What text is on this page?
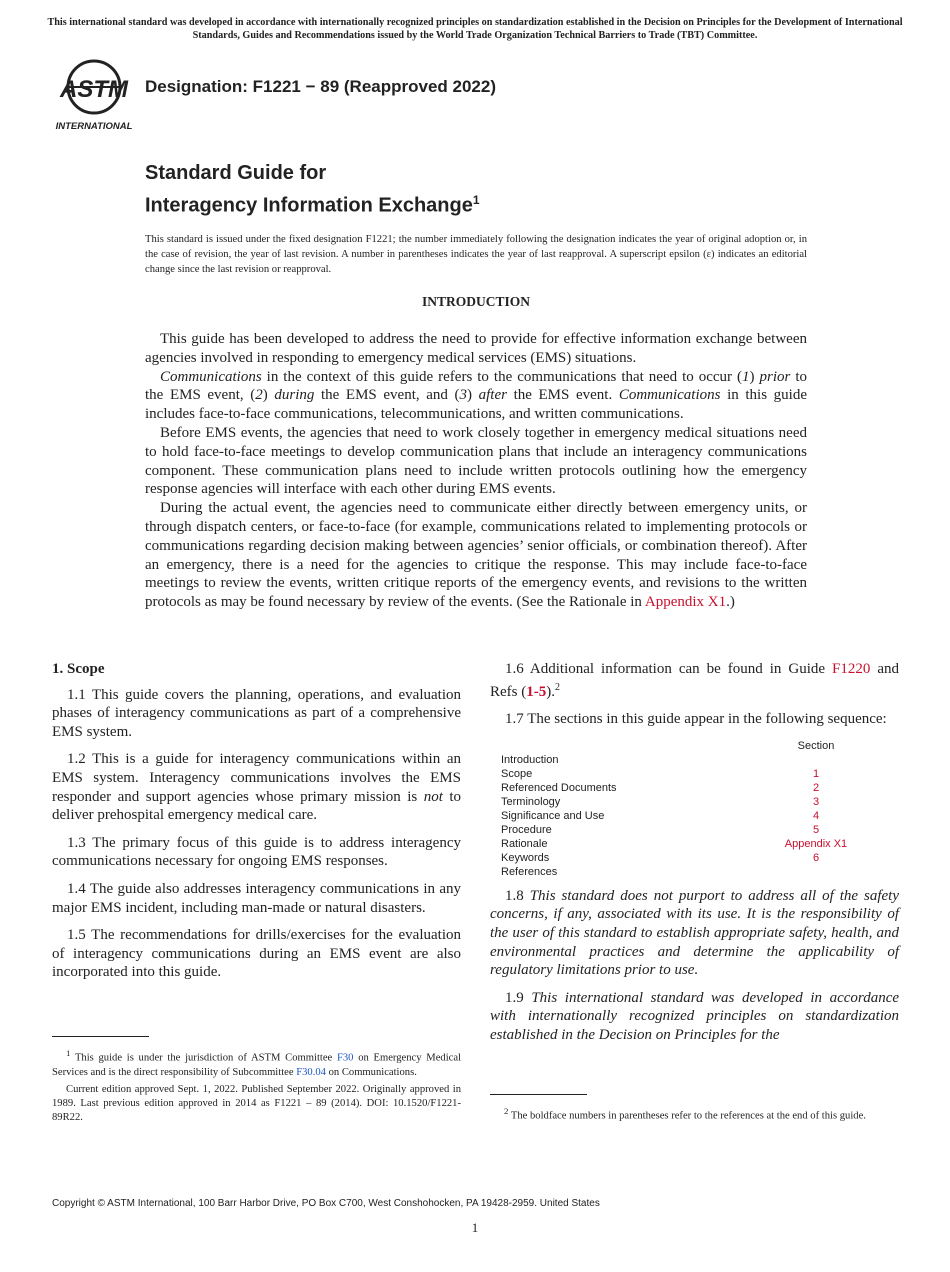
This international standard was developed in accordance with internationally recognized principles on standardization established in the Decision on Principles for the Development of International Standards, Guides and Recommendations issued by the World Trade Organization Technical Barriers to Trade (TBT) Committee.
ASTM
INTERNATIONAL
Designation: F1221 − 89 (Reapproved 2022)
Standard Guide for
Interagency Information Exchange$^1$
This standard is issued under the fixed designation F1221; the number immediately following the designation indicates the year of original adoption or, in the case of revision, the year of last revision. A number in parentheses indicates the year of last reapproval. A superscript epsilon (ε) indicates an editorial change since the last revision or reapproval.
INTRODUCTION

This guide has been developed to address the need to provide for effective information exchange between agencies involved in responding to emergency medical services (EMS) situations.

Communications in the context of this guide refers to the communications that need to occur (1) prior to the EMS event, (2) during the EMS event, and (3) after the EMS event. Communications in this guide includes face-to-face communications, telecommunications, and written communications.

Before EMS events, the agencies that need to work closely together in emergency medical situations need to hold face-to-face meetings to develop communication plans that include an interagency communications component. These communication plans need to include written protocols outlining how the emergency response agencies will interface with each other during EMS events.

During the actual event, the agencies need to communicate either directly between emergency units, or through dispatch centers, or face-to-face (for example, communications related to implementing protocols or communications regarding decision making between agencies’ senior officials, or combination thereof). After an emergency, there is a need for the agencies to critique the response. This may include face-to-face meetings to review the events, written critique reports of the emergency events, and revisions to the written protocols as may be found necessary by review of the events. (See the Rationale in Appendix X1.)

1. Scope

1.1 This guide covers the planning, operations, and evaluation phases of interagency communications as part of a comprehensive EMS system.

1.2 This is a guide for interagency communications within an EMS system. Interagency communications involves the EMS responder and support agencies whose primary mission is not to deliver prehospital emergency medical care.

1.3 The primary focus of this guide is to address interagency communications necessary for ongoing EMS responses.

1.4 The guide also addresses interagency communications in any major EMS incident, including man-made or natural disasters.

1.5 The recommendations for drills/exercises for the evaluation of interagency communications during an EMS event are also incorporated into this guide.

1.6 Additional information can be found in Guide F1220 and Refs (1-5).$^2$

1.7 The sections in this guide appear in the following sequence:

Section
Introduction
Scope	1
Referenced Documents	2
Terminology	3
Significance and Use	4
Procedure	5
Rationale	Appendix X1
Keywords	6
References

1.8 This standard does not purport to address all of the safety concerns, if any, associated with its use. It is the responsibility of the user of this standard to establish appropriate safety, health, and environmental practices and determine the applicability of regulatory limitations prior to use.

1.9 This international standard was developed in accordance with internationally recognized principles on standardization established in the Decision on Principles for the

$^1$ This guide is under the jurisdiction of ASTM Committee F30 on Emergency Medical Services and is the direct responsibility of Subcommittee F30.04 on Communications.

Current edition approved Sept. 1, 2022. Published September 2022. Originally approved in 1989. Last previous edition approved in 2014 as F1221 – 89 (2014). DOI: 10.1520/F1221-89R22.

$^2$ The boldface numbers in parentheses refer to the references at the end of this guide.

Copyright © ASTM International, 100 Barr Harbor Drive, PO Box C700, West Conshohocken, PA 19428-2959. United States
1
